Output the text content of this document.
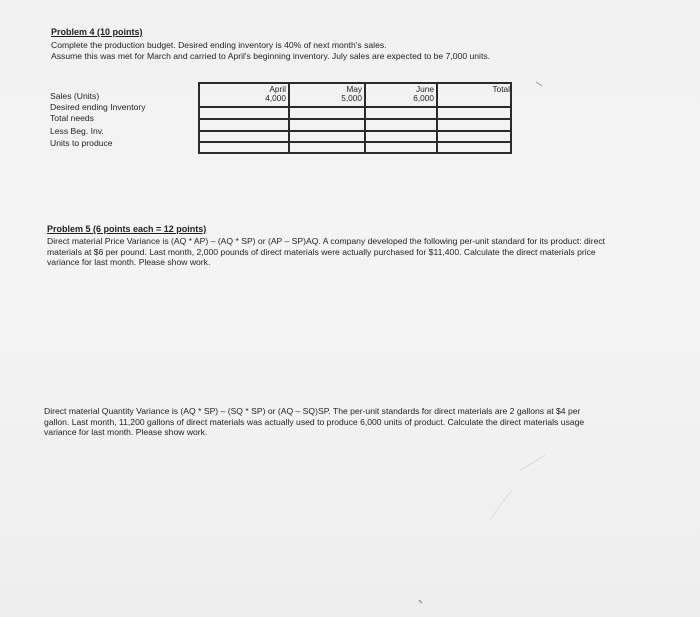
Problem 4 (10 points)
Complete the production budget. Desired ending inventory is 40% of next month's sales.
Assume this was met for March and carried to April's beginning inventory. July sales are expected to be 7,000 units.
Sales (Units)
Desired ending Inventory
Total needs
Less Beg. Inv.
Units to produce
April
4,000
May
5,000
June
6,000
Total
Problem 5 (6 points each = 12 points)
Direct material Price Variance is (AQ * AP) – (AQ * SP) or (AP – SP)AQ. A company developed the following per-unit standard for its product: direct materials at $6 per pound. Last month, 2,000 pounds of direct materials were actually purchased for $11,400. Calculate the direct materials price variance for last month. Please show work.
Direct material Quantity Variance is (AQ * SP) – (SQ * SP) or (AQ – SQ)SP. The per-unit standards for direct materials are 2 gallons at $4 per gallon. Last month, 11,200 gallons of direct materials was actually used to produce 6,000 units of product. Calculate the direct materials usage variance for last month. Please show work.
